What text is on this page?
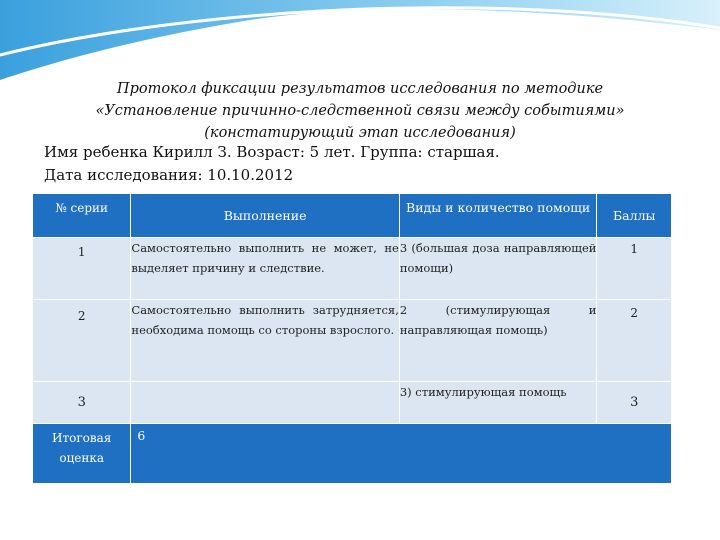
Протокол фиксации результатов исследования по методике
«Установление причинно-следственной связи между событиями»
(констатирующий этап исследования)
Имя ребенка Кирилл З. Возраст: 5 лет. Группа: старшая.
Дата исследования: 10.10.2012
№ серии	Выполнение	Виды и количество помощи	Баллы
1	Самостоятельно выполнить не может, не выделяет причину и следствие.	3 (большая доза направляющей помощи)	1
2	Самостоятельно выполнить затрудняется, необходима помощь со стороны взрослого.	2 (стимулирующая и направляющая помощь)	2
3		3) стимулирующая помощь	3
Итоговая оценка	6		
